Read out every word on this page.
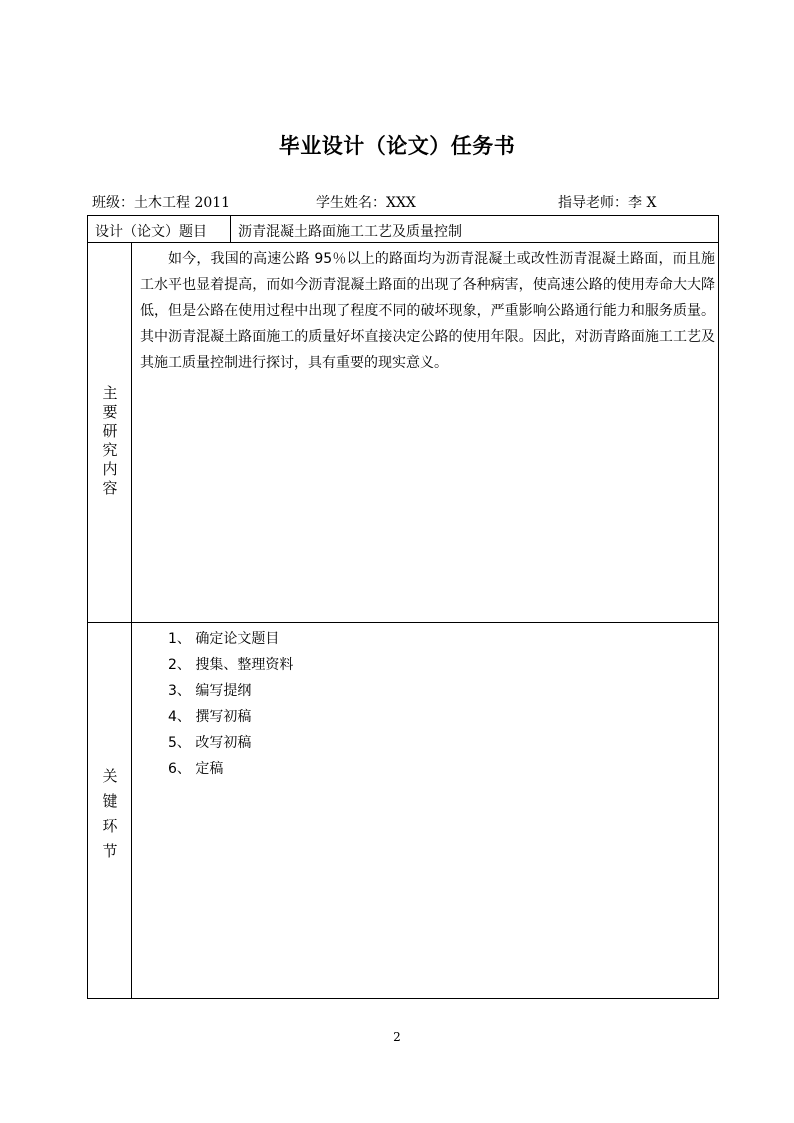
毕业设计（论文）任务书
班级：土木工程 2011	学生姓名：XXX	指导老师：李 X
设计（论文）题目 沥青混凝土路面施工工艺及质量控制
主
要
研
究
内
容
如今，我国的高速公路 95％以上的路面均为沥青混凝土或改性沥青混凝土路面，而且施工水平也显着提高，而如今沥青混凝土路面的出现了各种病害，使高速公路的使用寿命大大降低，但是公路在使用过程中出现了程度不同的破坏现象，严重影响公路通行能力和服务质量。其中沥青混凝土路面施工的质量好坏直接决定公路的使用年限。因此，对沥青路面施工工艺及其施工质量控制进行探讨，具有重要的现实意义。
关
键
环
节
1、 确定论文题目
2、 搜集、整理资料
3、 编写提纲
4、 撰写初稿
5、 改写初稿
6、 定稿
2
